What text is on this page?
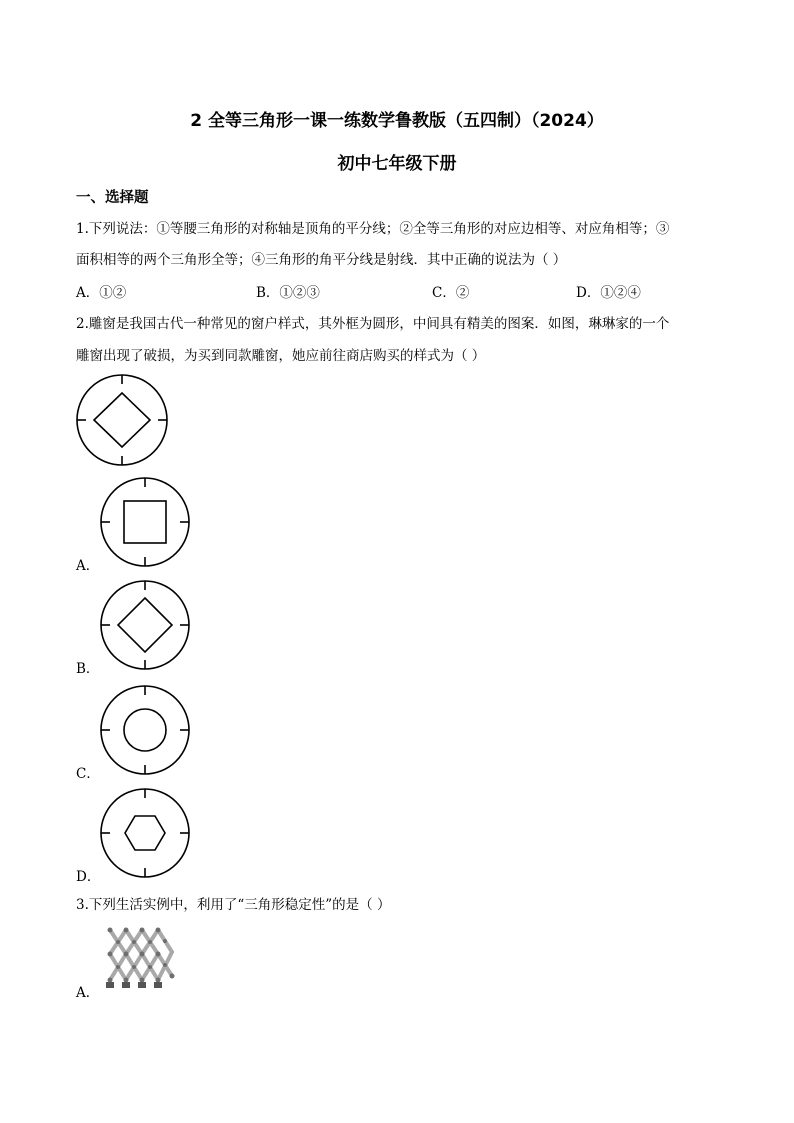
2 全等三角形一课一练数学鲁教版（五四制）（2024）
初中七年级下册
一、选择题
1.下列说法：①等腰三角形的对称轴是顶角的平分线；②全等三角形的对应边相等、对应角相等；③
面积相等的两个三角形全等；④三角形的角平分线是射线．其中正确的说法为（ ）
A．①②	B．①②③	C．②	D．①②④
2.雕窗是我国古代一种常见的窗户样式，其外框为圆形，中间具有精美的图案．如图，琳琳家的一个
雕窗出现了破损，为买到同款雕窗，她应前往商店购买的样式为（ ）
A．
B．
C．
D．
3.下列生活实例中，利用了“三角形稳定性”的是（ ）
A．
